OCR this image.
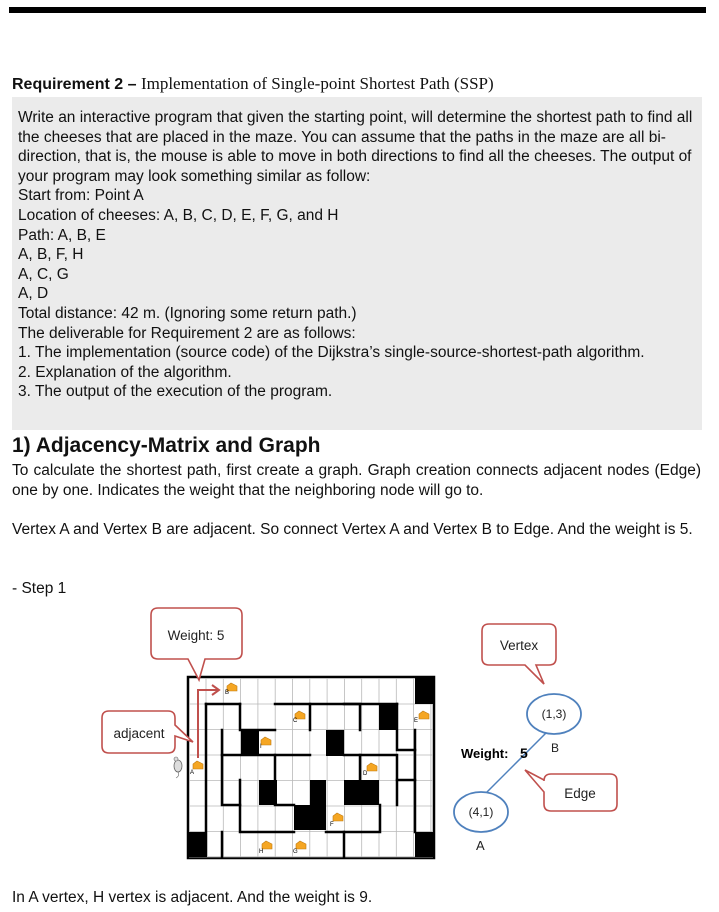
Requirement 2 – Implementation of Single-point Shortest Path (SSP)

Write an interactive program that given the starting point, will determine the shortest path to find all the cheeses that are placed in the maze. You can assume that the paths in the maze are all bi-direction, that is, the mouse is able to move in both directions to find all the cheeses. The output of your program may look something similar as follow:

Start from: Point A

Location of cheeses: A, B, C, D, E, F, G, and H

Path: A, B, E

A, B, F, H

A, C, G

A, D

Total distance: 42 m. (Ignoring some return path.)

The deliverable for Requirement 2 are as follows:

1. The implementation (source code) of the Dijkstra’s single-source-shortest-path algorithm.

2. Explanation of the algorithm.

3. The output of the execution of the program.

1) Adjacency-Matrix and Graph

To calculate the shortest path, first create a graph. Graph creation connects adjacent nodes (Edge) one by one. Indicates the weight that the neighboring node will go to.

Vertex A and Vertex B are adjacent. So connect Vertex A and Vertex B to Edge. And the weight is 5.

- Step 1
B
C	E
I
A	D
F
H	G
Weight: 5
adjacent
Vertex
Edge
(1,3)
B
(4,1)
A
Weight: 5
In A vertex, H vertex is adjacent. And the weight is 9.
